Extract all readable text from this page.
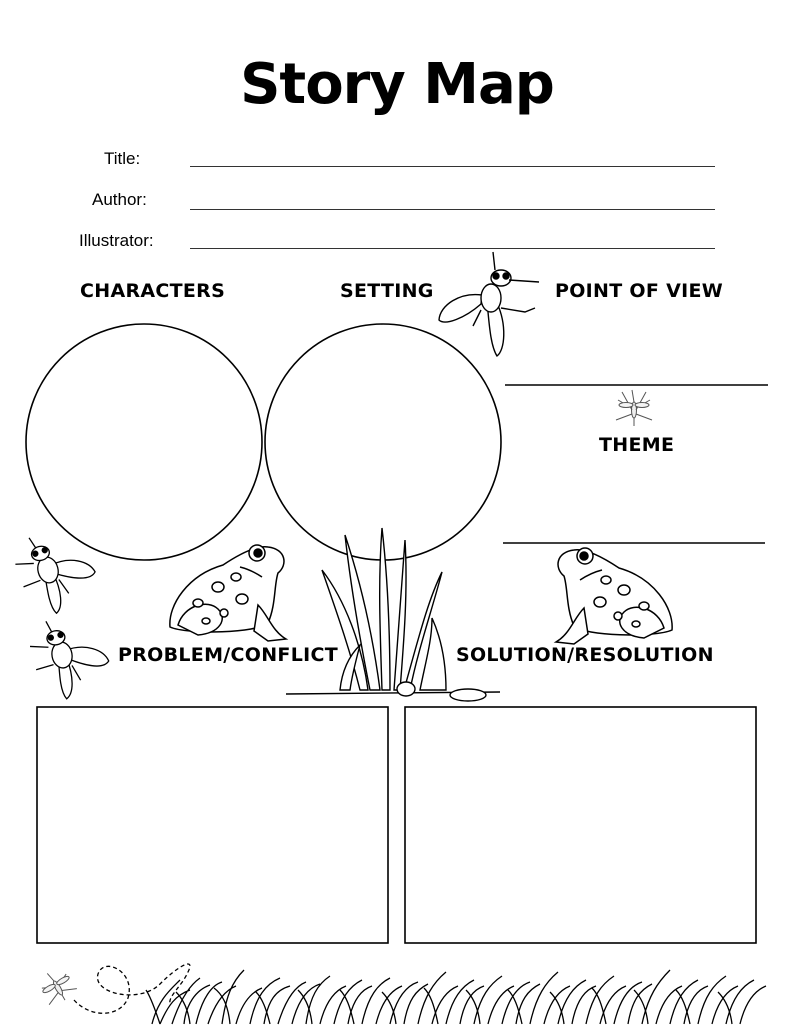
Story Map
Title:
Author:
Illustrator:
CHARACTERS	SETTING	POINT OF VIEW
THEME
PROBLEM/CONFLICT	SOLUTION/RESOLUTION
